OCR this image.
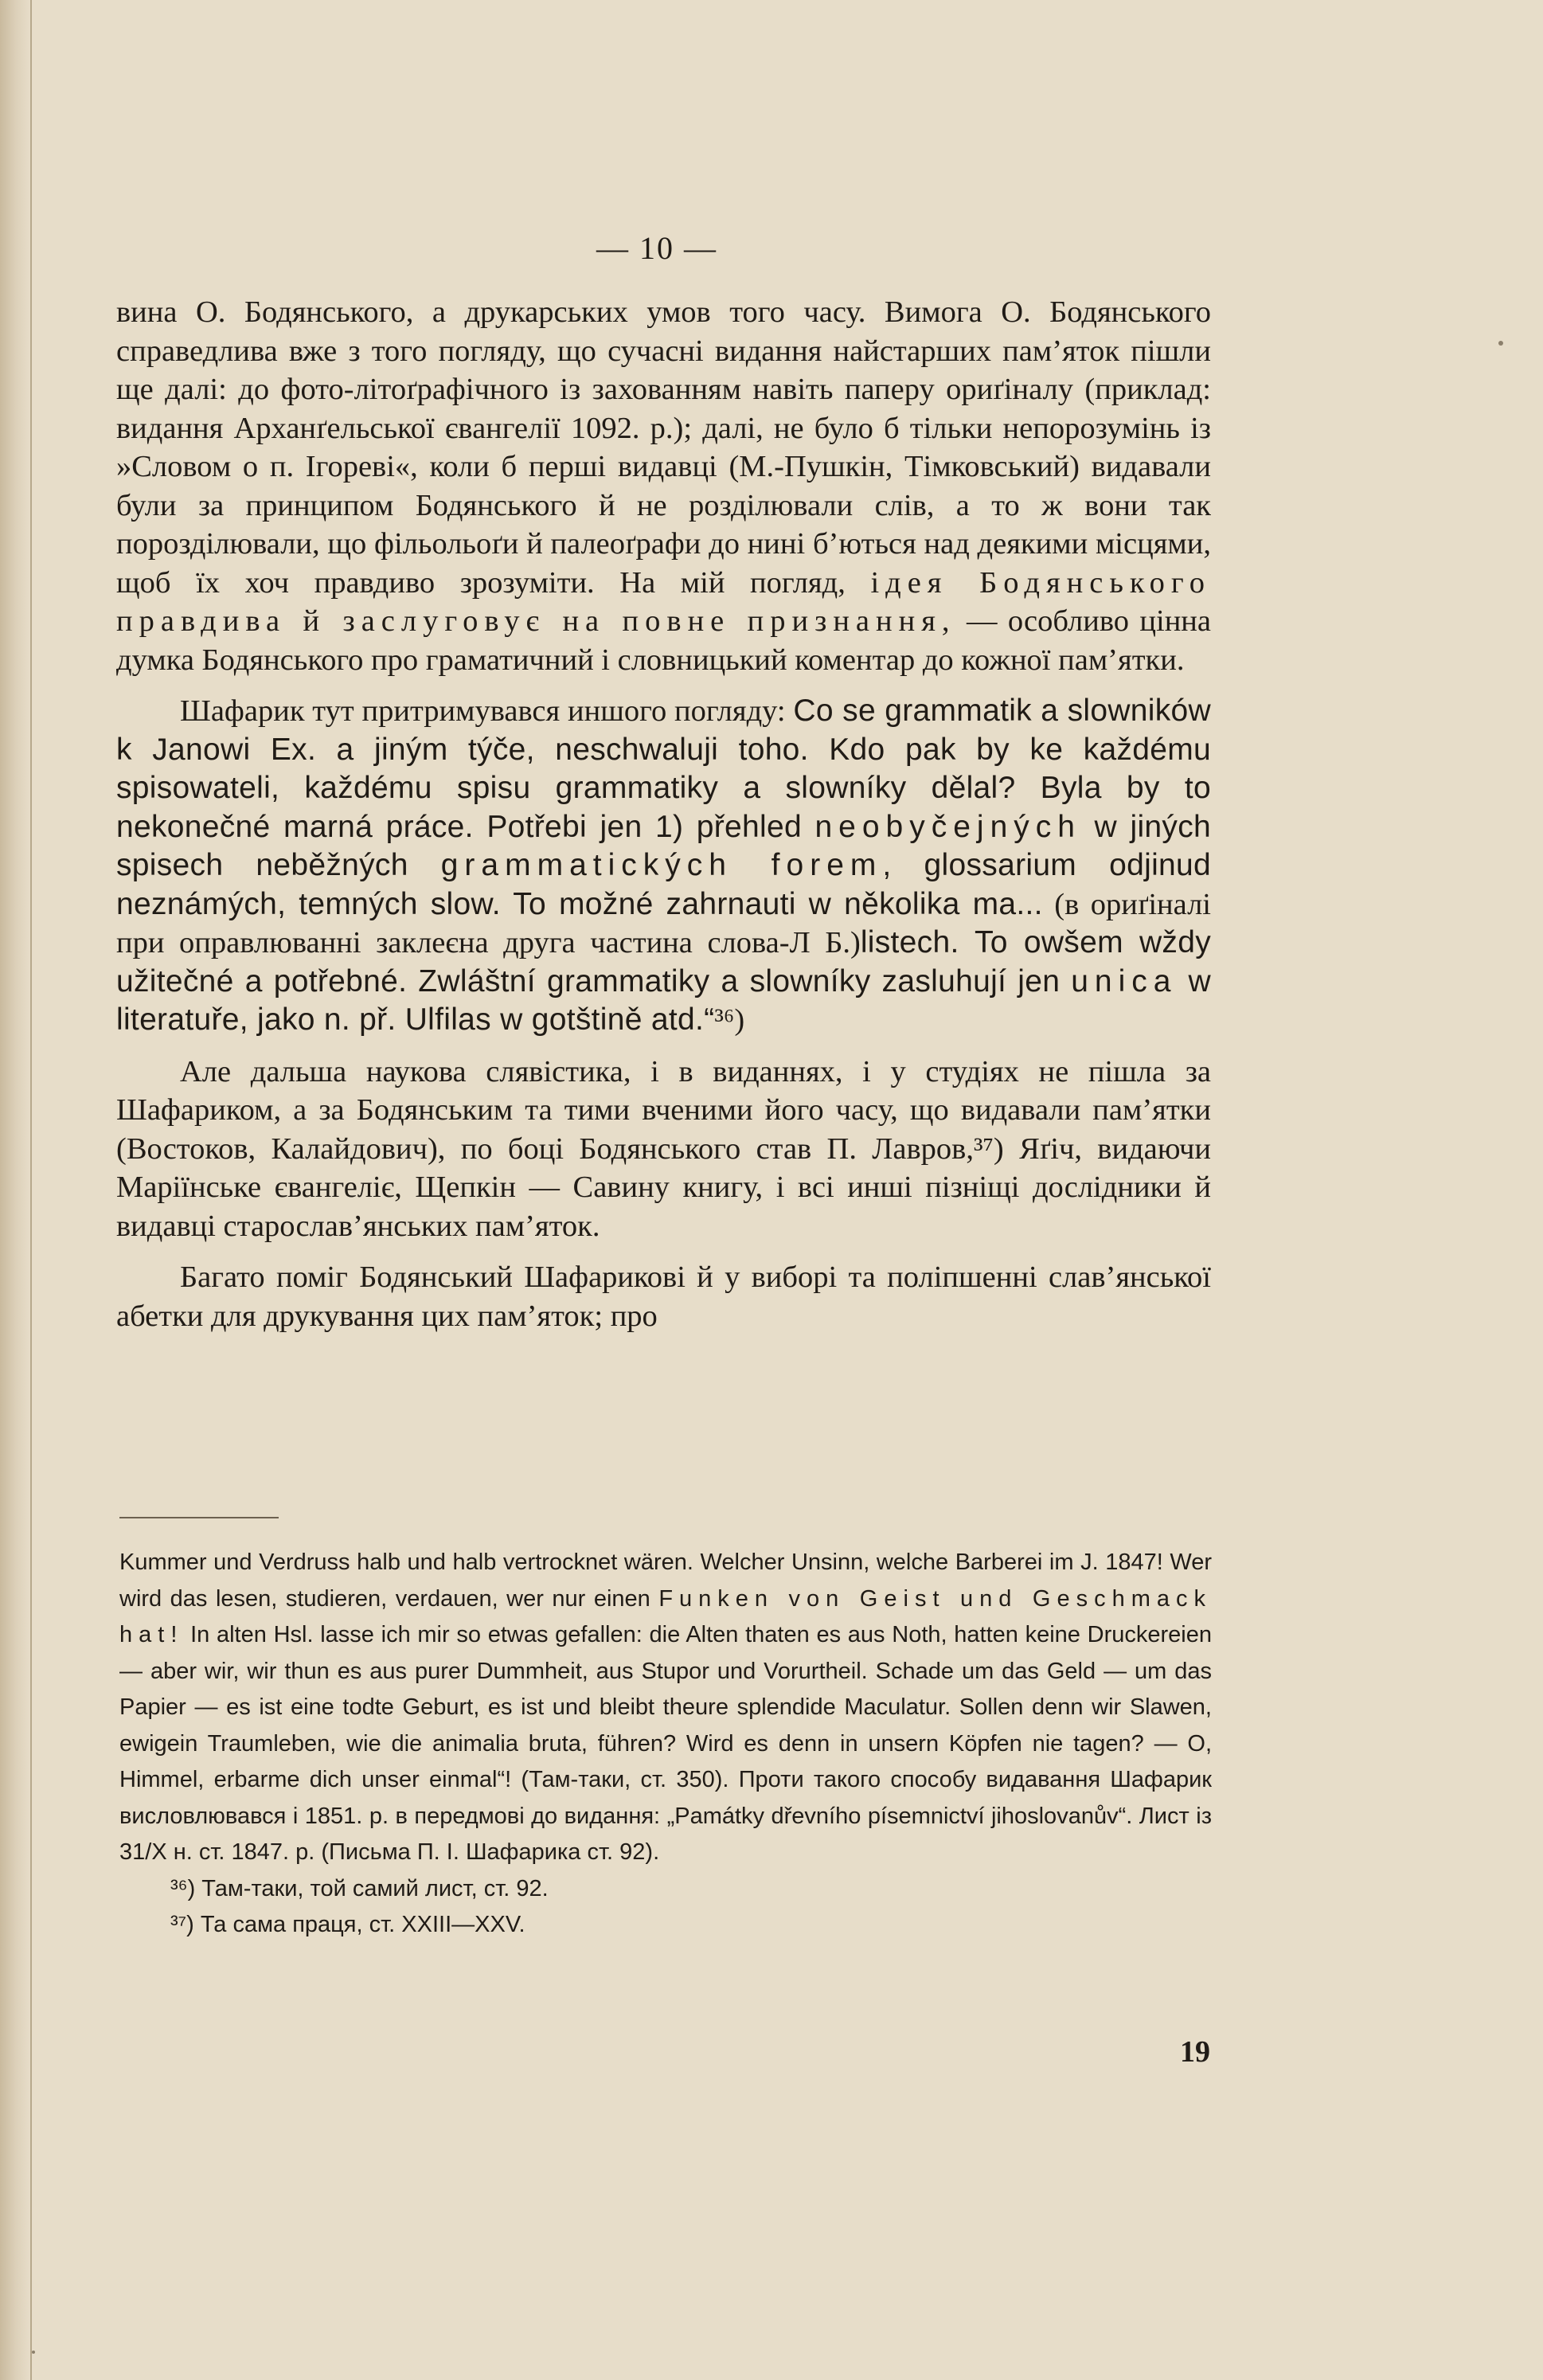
— 10 —

вина О. Бодянського, а друкарських умов того часу. Вимога О. Бодянського справедлива вже з того погляду, що сучасні видання найстарших пам’яток пішли ще далі: до фото-літоґрафічного із захованням навіть паперу ориґіналу (приклад: видання Арханґельської євангелії 1092. р.); далі, не було б тільки непорозумінь із »Словом о п. Ігореві«, коли б перші видавці (М.-Пушкін, Тімковський) видавали були за принципом Бодянського й не розділювали слів, а то ж вони так порозділювали, що фільольоґи й палеоґрафи до нині б’ються над деякими місцями, щоб їх хоч правдиво зрозуміти. На мій погляд, ідея Бодянського правдива й заслуговує на повне признання, — особливо цінна думка Бодянського про граматичний і словницький коментар до кожної пам’ятки.

Шафарик тут притримувався иншого погляду: Co se grammatik a slowników k Janowi Ex. a jiným týče, neschwaluji toho. Kdo pak by ke každému spisowateli, každému spisu grammatiky a slowníky dělal? Byla by to nekonečné marná práce. Potřebi jen 1) přehled neobyčejných w jiných spisech neběžných grammatických forem, glossarium odjinud neznámých, temných slow. To možné zahrnauti w několika ma... (в ориґіналі при оправлюванні заклеєна друга частина слова-Л Б.)listech. To owšem wždy užitečné a potřebné. Zwláštní grammatiky a slowníky zasluhují jen unica w literatuře, jako n. př. Ulfilas w gotštině atd.“³⁶)

Але дальша наукова слявістика, і в виданнях, і у студіях не пішла за Шафариком, а за Бодянським та тими вченими його часу, що видавали пам’ятки (Востоков, Калайдович), по боці Бодянського став П. Лавров,³⁷) Яґіч, видаючи Маріїнське євангеліє, Щепкін — Савину книгу, і всі инші пізніщі дослідники й видавці старослав’янських пам’яток.

Багато поміг Бодянський Шафарикові й у виборі та поліпшенні слав’янської абетки для друкування цих пам’яток; про

Kummer und Verdruss halb und halb vertrocknet wären. Welcher Unsinn, welche Barberei im J. 1847! Wer wird das lesen, studieren, verdauen, wer nur einen Funken von Geist und Geschmack hat! In alten Hsl. lasse ich mir so etwas gefallen: die Alten thaten es aus Noth, hatten keine Druckereien — aber wir, wir thun es aus purer Dummheit, aus Stupor und Vorurtheil. Schade um das Geld — um das Papier — es ist eine todte Geburt, es ist und bleibt theure splendide Maculatur. Sollen denn wir Slawen, ewigein Traumleben, wie die animalia bruta, führen? Wird es denn in unsern Köpfen nie tagen? — O, Himmel, erbarme dich unser einmal“! (Там-таки, ст. 350). Проти такого способу видавання Шафарик висловлювався і 1851. р. в передмові до видання: „Památky dřevního písemnictví jihoslovanův“. Лист із 31/X н. ст. 1847. р. (Письма П. І. Шафарика ст. 92).

³⁶) Там-таки, той самий лист, ст. 92.

³⁷) Та сама праця, ст. XXIII—XXV.

19
